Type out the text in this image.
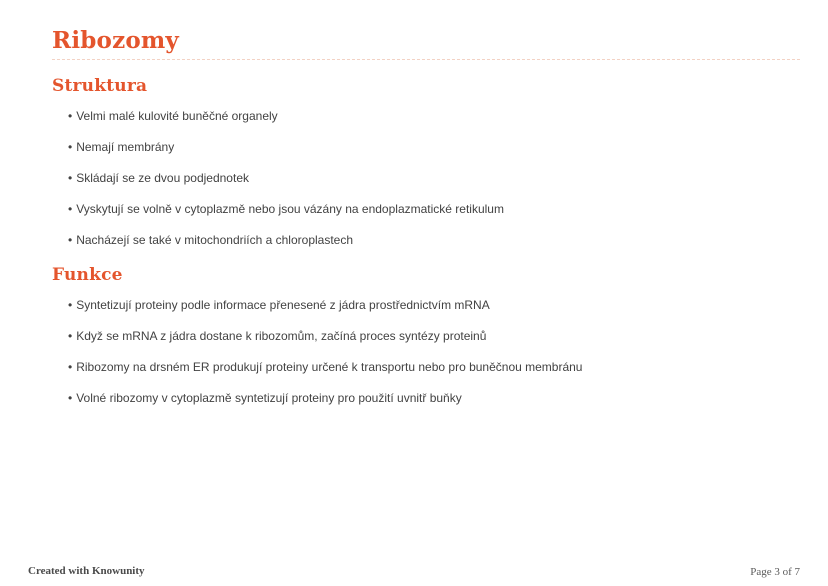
Ribozomy
Struktura
• Velmi malé kulovité buněčné organely
• Nemají membrány
• Skládají se ze dvou podjednotek
• Vyskytují se volně v cytoplazmě nebo jsou vázány na endoplazmatické retikulum
• Nacházejí se také v mitochondriích a chloroplastech
Funkce
• Syntetizují proteiny podle informace přenesené z jádra prostřednictvím mRNA
• Když se mRNA z jádra dostane k ribozomům, začíná proces syntézy proteinů
• Ribozomy na drsném ER produkují proteiny určené k transportu nebo pro buněčnou membránu
• Volné ribozomy v cytoplazmě syntetizují proteiny pro použití uvnitř buňky
Created with Knowunity	Page 3 of 7
